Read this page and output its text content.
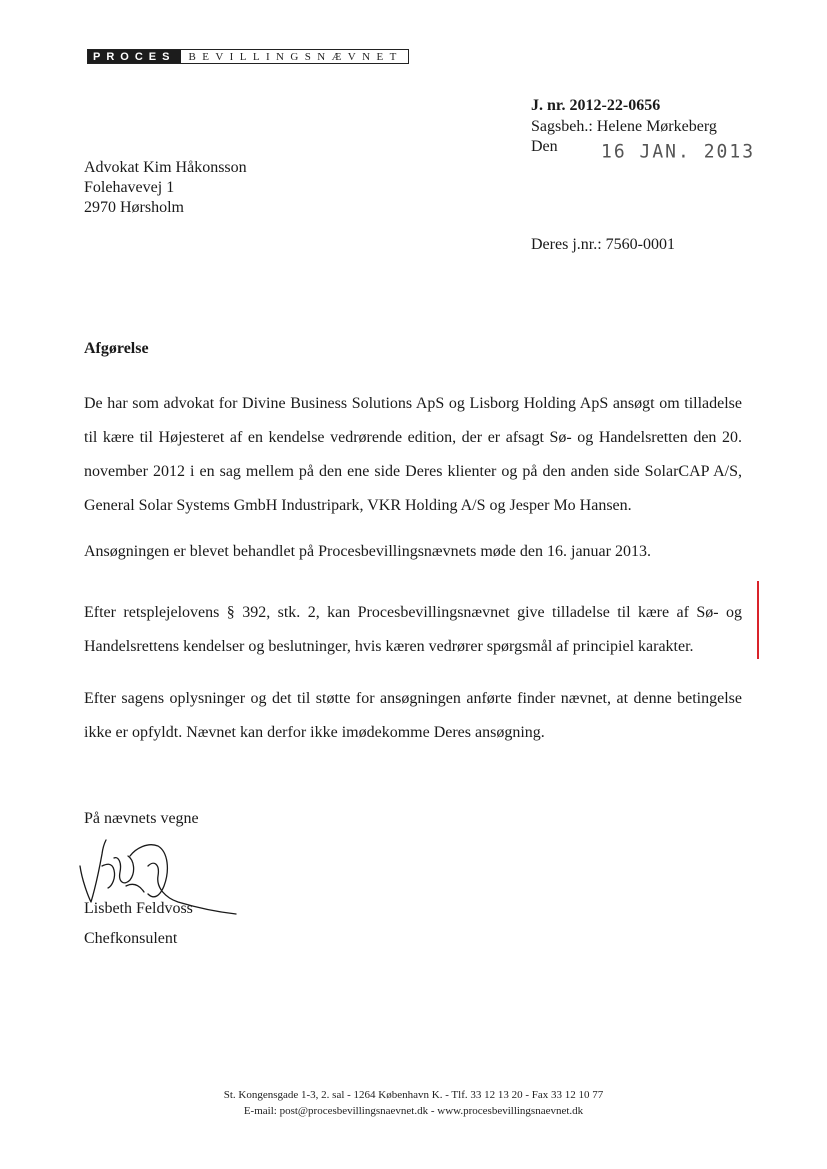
PROCES	BEVILLINGSNÆVNET
J. nr. 2012-22-0656
Sagsbeh.: Helene Mørkeberg
Den 16 JAN. 2013
Deres j.nr.: 7560-0001
Advokat Kim Håkonsson
Folehavevej 1
2970 Hørsholm
Afgørelse
De har som advokat for Divine Business Solutions ApS og Lisborg Holding ApS ansøgt om tilladelse til kære til Højesteret af en kendelse vedrørende edition, der er afsagt Sø- og Handelsretten den 20. november 2012 i en sag mellem på den ene side Deres klienter og på den anden side SolarCAP A/S, General Solar Systems GmbH Industripark, VKR Holding A/S og Jesper Mo Hansen.
Ansøgningen er blevet behandlet på Procesbevillingsnævnets møde den 16. januar 2013.
Efter retsplejelovens § 392, stk. 2, kan Procesbevillingsnævnet give tilladelse til kære af Sø- og Handelsrettens kendelser og beslutninger, hvis kæren vedrører spørgsmål af principiel karakter.
Efter sagens oplysninger og det til støtte for ansøgningen anførte finder nævnet, at denne betingelse ikke er opfyldt. Nævnet kan derfor ikke imødekomme Deres ansøgning.
På nævnets vegne
Lisbeth Feldvoss
Chefkonsulent
St. Kongensgade 1-3, 2. sal - 1264 København K. - Tlf. 33 12 13 20 - Fax 33 12 10 77
E-mail: post@procesbevillingsnaevnet.dk - www.procesbevillingsnaevnet.dk
